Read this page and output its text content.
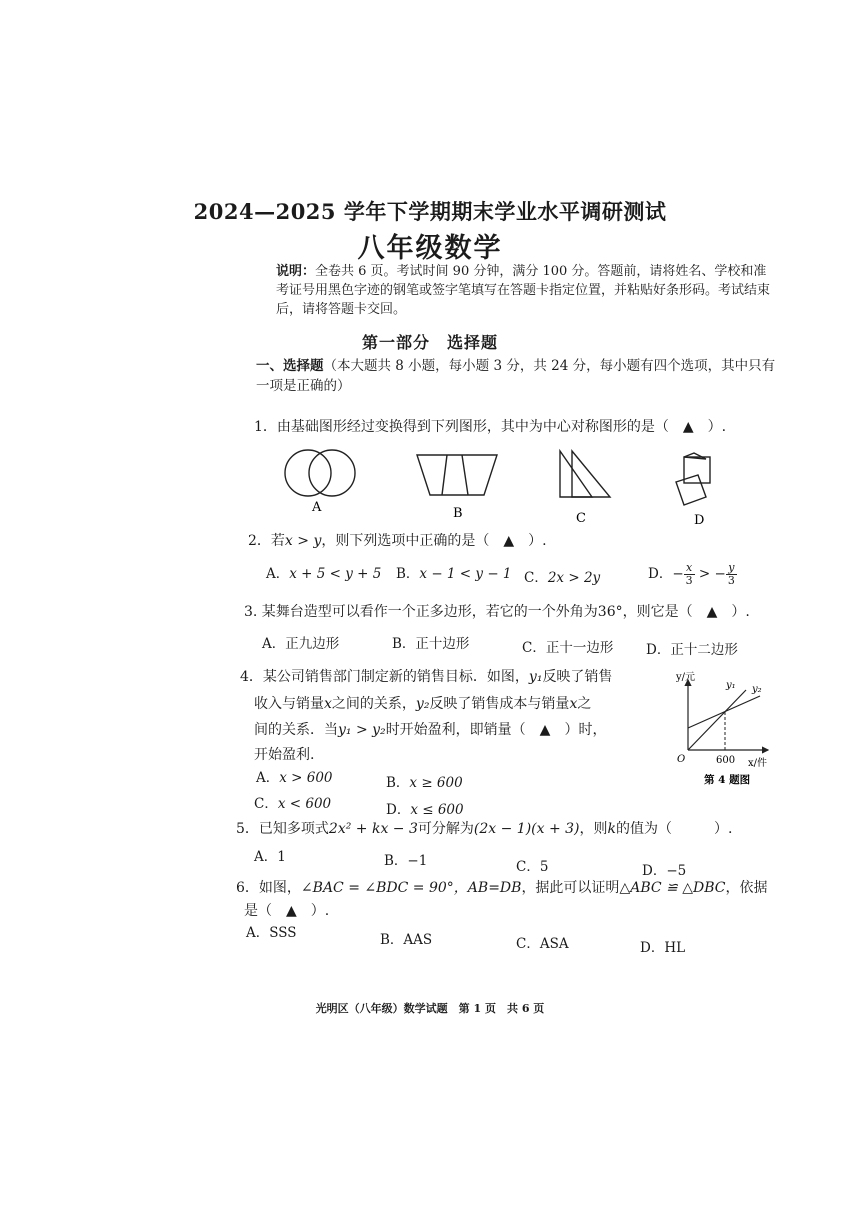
2024—2025 学年下学期期末学业水平调研测试
八年级数学
说明：全卷共 6 页。考试时间 90 分钟，满分 100 分。答题前，请将姓名、学校和准考证号用黑色字迹的钢笔或签字笔填写在答题卡指定位置，并粘贴好条形码。考试结束后，请将答题卡交回。
第一部分　选择题
一、选择题（本大题共 8 小题，每小题 3 分，共 24 分，每小题有四个选项，其中只有一项是正确的）
1．由基础图形经过变换得到下列图形，其中为中心对称图形的是（　▲　）.
A	B	C	D
2．若x > y，则下列选项中正确的是（　▲　）.
A．x + 5 < y + 5 B．x − 1 < y − 1 C．2x > 2y	D．− $\frac{x}{3}$ > − $\frac{y}{3}$
3. 某舞台造型可以看作一个正多边形，若它的一个外角为36°，则它是（　▲　）.
A．正九边形	B．正十边形	C．正十一边形 D．正十二边形
4．某公司销售部门制定新的销售目标．如图，y₁反映了销售
收入与销量x之间的关系，y₂反映了销售成本与销量x之
间的关系．当y₁ > y₂时开始盈利，即销量（　▲　）时，
开始盈利.
A．x > 600	B．x ≥ 600
C．x < 600	D．x ≤ 600
y/元
x/件
O	600
y₁ y₂
第 4 题图
5．已知多项式2x² + kx − 3可分解为(2x − 1)(x + 3)，则k的值为（　　　）.
A．1	B．−1	C．5	D．−5
6．如图，∠BAC = ∠BDC = 90°，AB=DB，据此可以证明△ABC ≌ △DBC，依据
是（　▲　）.
A．SSS	B．AAS	C．ASA	D．HL
光明区（八年级）数学试题　第 1 页　共 6 页
